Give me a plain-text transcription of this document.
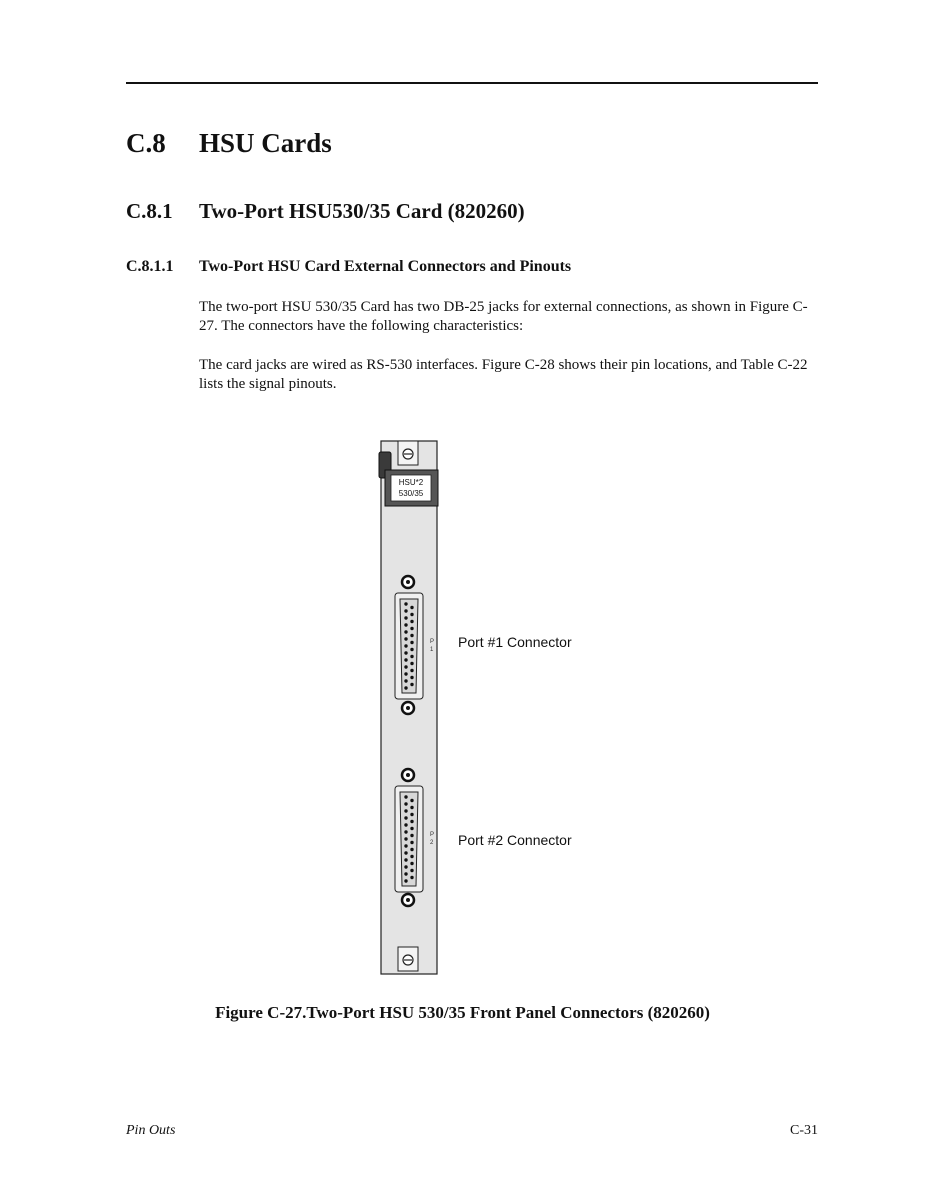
C.8 HSU Cards
C.8.1 Two-Port HSU530/35 Card (820260)
C.8.1.1 Two-Port HSU Card External Connectors and Pinouts
The two-port HSU 530/35 Card has two DB-25 jacks for external connections, as shown in Figure C-27. The connectors have the following characteristics:
The card jacks are wired as RS-530 interfaces. Figure C-28 shows their pin locations, and Table C-22 lists the signal pinouts.
HSU*2
530/35
P
1
P
2
Port #1 Connector
Port #2 Connector
Figure C-27.Two-Port HSU 530/35 Front Panel Connectors (820260)
Pin Outs	C-31
